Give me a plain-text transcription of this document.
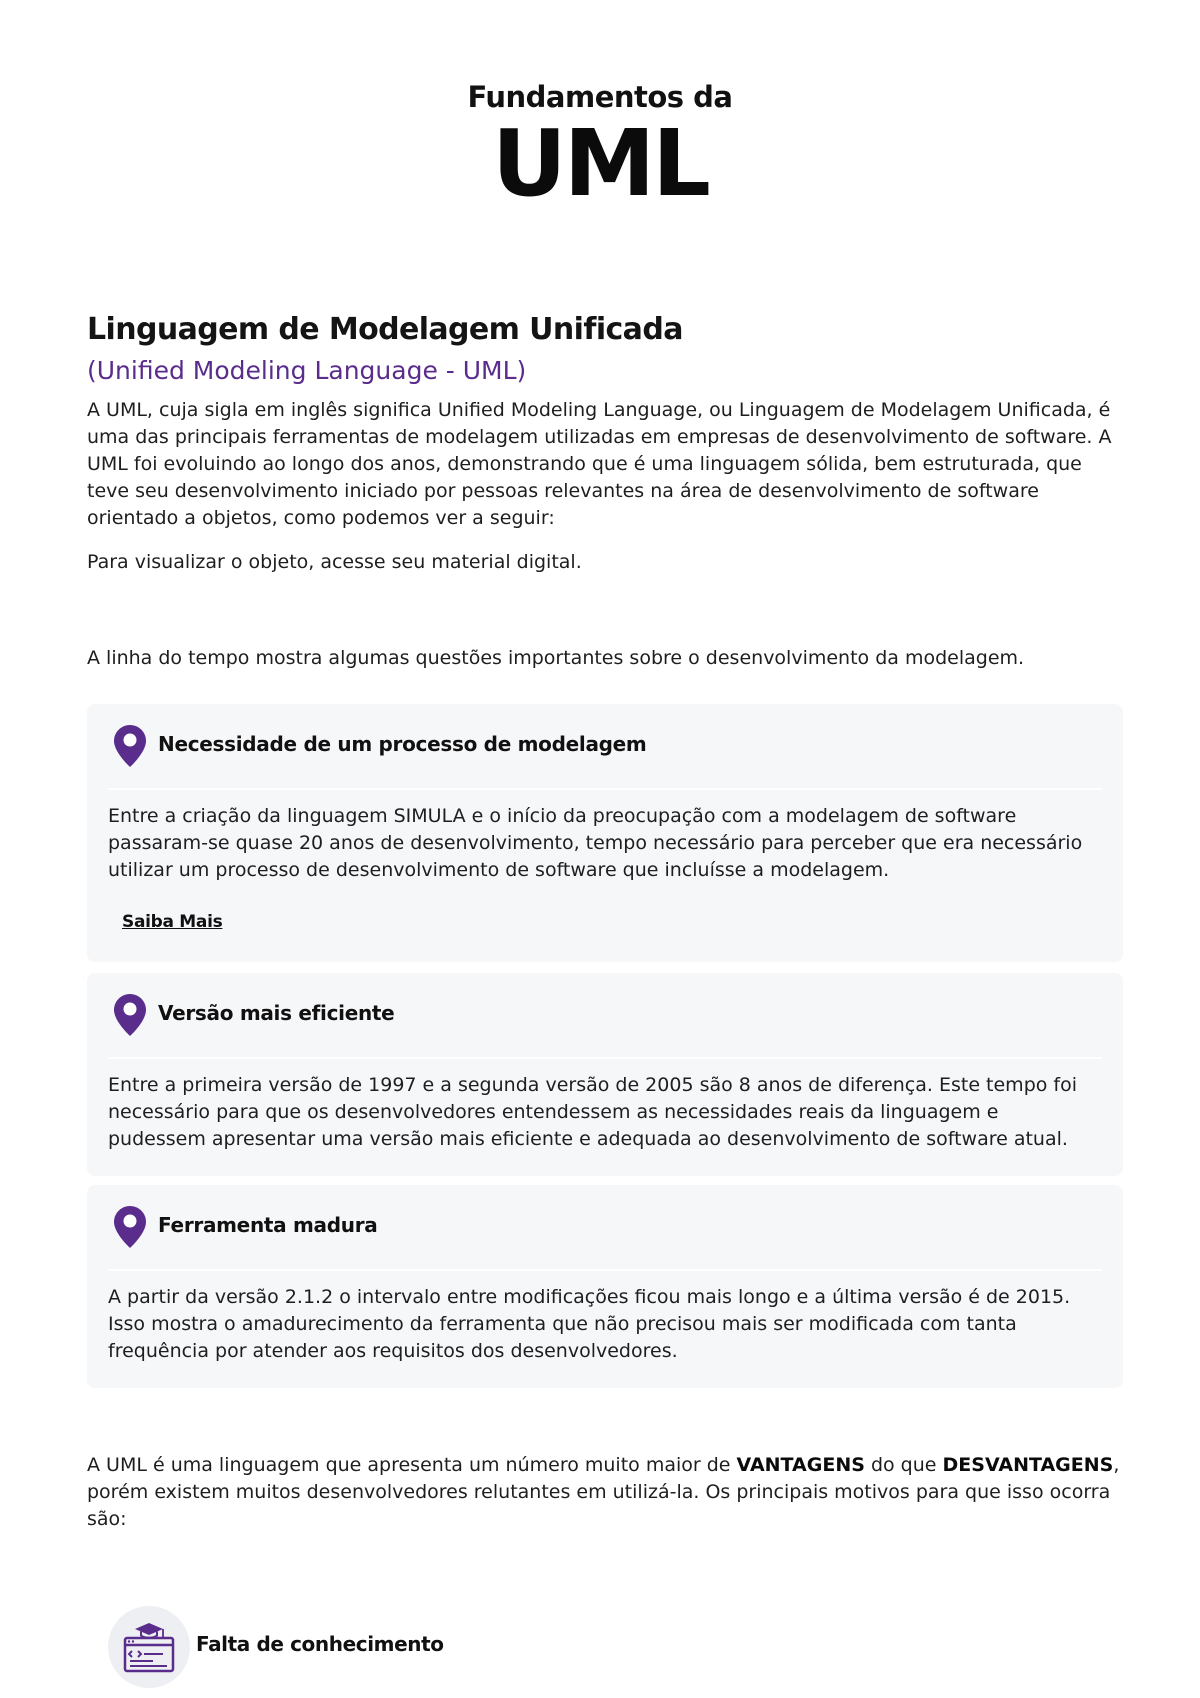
Fundamentos da
UML
Linguagem de Modelagem Unificada
(Unified Modeling Language - UML)
A UML, cuja sigla em inglês significa Unified Modeling Language, ou Linguagem de Modelagem Unificada, é uma das principais ferramentas de modelagem utilizadas em empresas de desenvolvimento de software. A UML foi evoluindo ao longo dos anos, demonstrando que é uma linguagem sólida, bem estruturada, que teve seu desenvolvimento iniciado por pessoas relevantes na área de desenvolvimento de software orientado a objetos, como podemos ver a seguir:
Para visualizar o objeto, acesse seu material digital.
A linha do tempo mostra algumas questões importantes sobre o desenvolvimento da modelagem.
Necessidade de um processo de modelagem
Entre a criação da linguagem SIMULA e o início da preocupação com a modelagem de software passaram-se quase 20 anos de desenvolvimento, tempo necessário para perceber que era necessário utilizar um processo de desenvolvimento de software que incluísse a modelagem.
Saiba Mais
Versão mais eficiente
Entre a primeira versão de 1997 e a segunda versão de 2005 são 8 anos de diferença. Este tempo foi necessário para que os desenvolvedores entendessem as necessidades reais da linguagem e pudessem apresentar uma versão mais eficiente e adequada ao desenvolvimento de software atual.
Ferramenta madura
A partir da versão 2.1.2 o intervalo entre modificações ficou mais longo e a última versão é de 2015. Isso mostra o amadurecimento da ferramenta que não precisou mais ser modificada com tanta frequência por atender aos requisitos dos desenvolvedores.
A UML é uma linguagem que apresenta um número muito maior de VANTAGENS do que DESVANTAGENS, porém existem muitos desenvolvedores relutantes em utilizá-la. Os principais motivos para que isso ocorra são:
Falta de conhecimento
